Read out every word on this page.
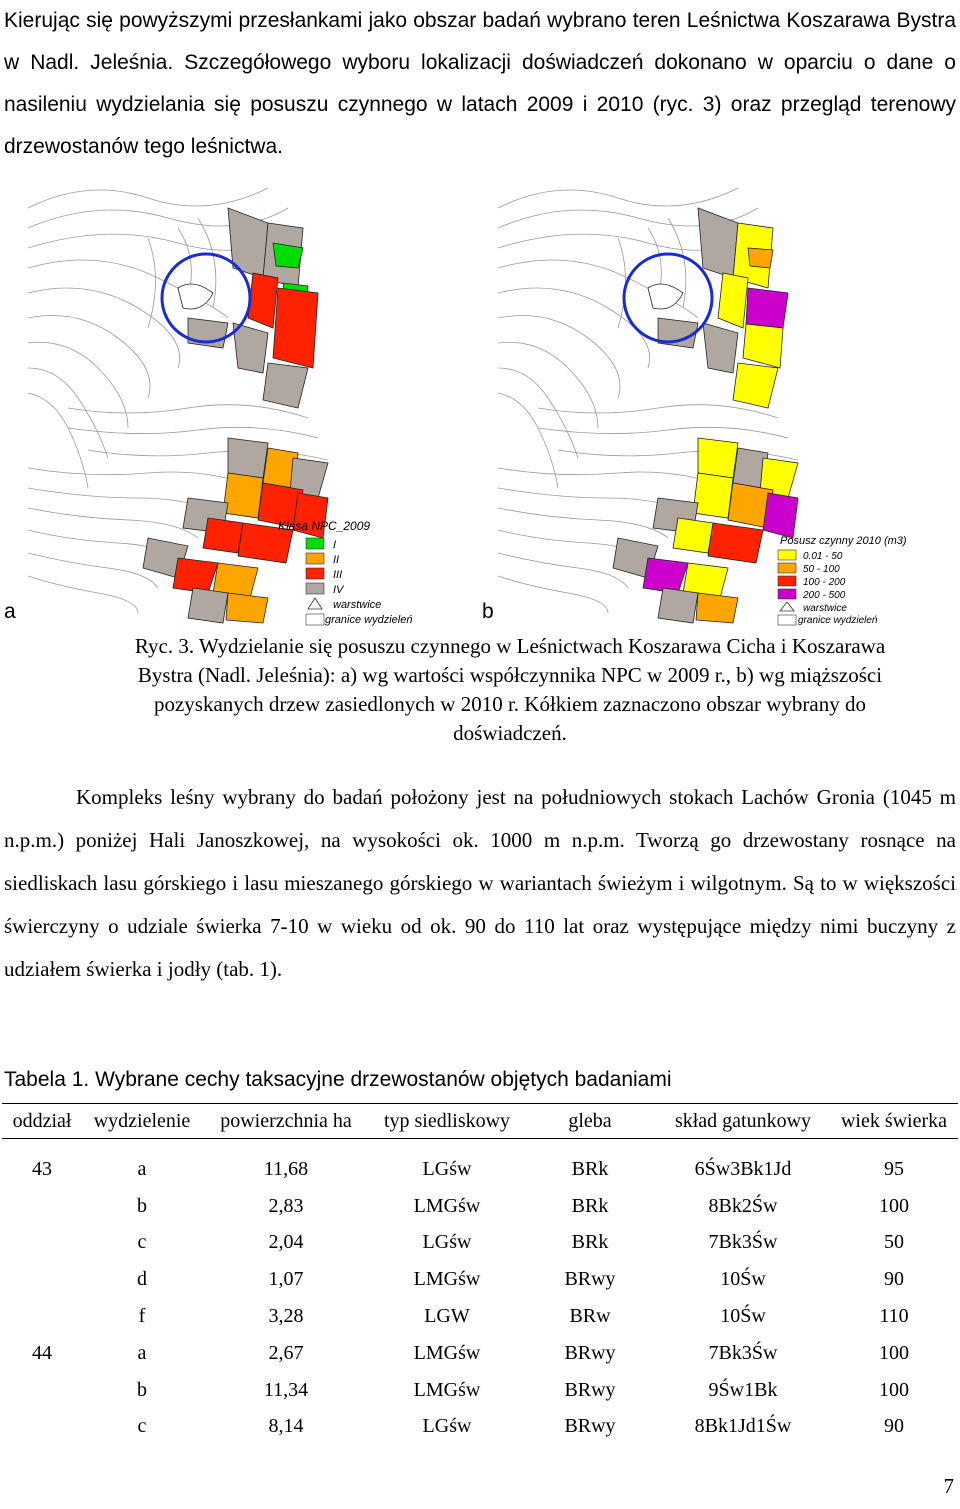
Kierując się powyższymi przesłankami jako obszar badań wybrano teren Leśnictwa Koszarawa Bystra w Nadl. Jeleśnia. Szczegółowego wyboru lokalizacji doświadczeń dokonano w oparciu o dane o nasileniu wydzielania się posuszu czynnego w latach 2009 i 2010 (ryc. 3) oraz przegląd terenowy drzewostanów tego leśnictwa.

Klasa NPC_2009
I
II
III
IV
warstwice
granice wydzieleń
Posusz czynny 2010 (m3)
0.01 - 50
50 - 100
100 - 200
200 - 500
warstwice
granice wydzieleń
a	b

Ryc. 3. Wydzielanie się posuszu czynnego w Leśnictwach Koszarawa Cicha i Koszarawa

Bystra (Nadl. Jeleśnia): a) wg wartości współczynnika NPC w 2009 r., b) wg miąższości

pozyskanych drzew zasiedlonych w 2010 r. Kółkiem zaznaczono obszar wybrany do

doświadczeń.

Kompleks leśny wybrany do badań położony jest na południowych stokach Lachów Gronia (1045 m n.p.m.) poniżej Hali Janoszkowej, na wysokości ok. 1000 m n.p.m. Tworzą go drzewostany rosnące na siedliskach lasu górskiego i lasu mieszanego górskiego w wariantach świeżym i wilgotnym. Są to w większości świerczyny o udziale świerka 7-10 w wieku od ok. 90 do 110 lat oraz występujące między nimi buczyny z udziałem świerka i jodły (tab. 1).

Tabela 1. Wybrane cechy taksacyjne drzewostanów objętych badaniami
oddział	wydzielenie	powierzchnia ha	typ siedliskowy	gleba	skład gatunkowy	wiek świerka
43	a	11,68	LGśw	BRk	6Św3Bk1Jd	95
	b	2,83	LMGśw	BRk	8Bk2Św	100
	c	2,04	LGśw	BRk	7Bk3Św	50
	d	1,07	LMGśw	BRwy	10Św	90
	f	3,28	LGW	BRw	10Św	110
44	a	2,67	LMGśw	BRwy	7Bk3Św	100
	b	11,34	LMGśw	BRwy	9Św1Bk	100
	c	8,14	LGśw	BRwy	8Bk1Jd1Św	90
7
